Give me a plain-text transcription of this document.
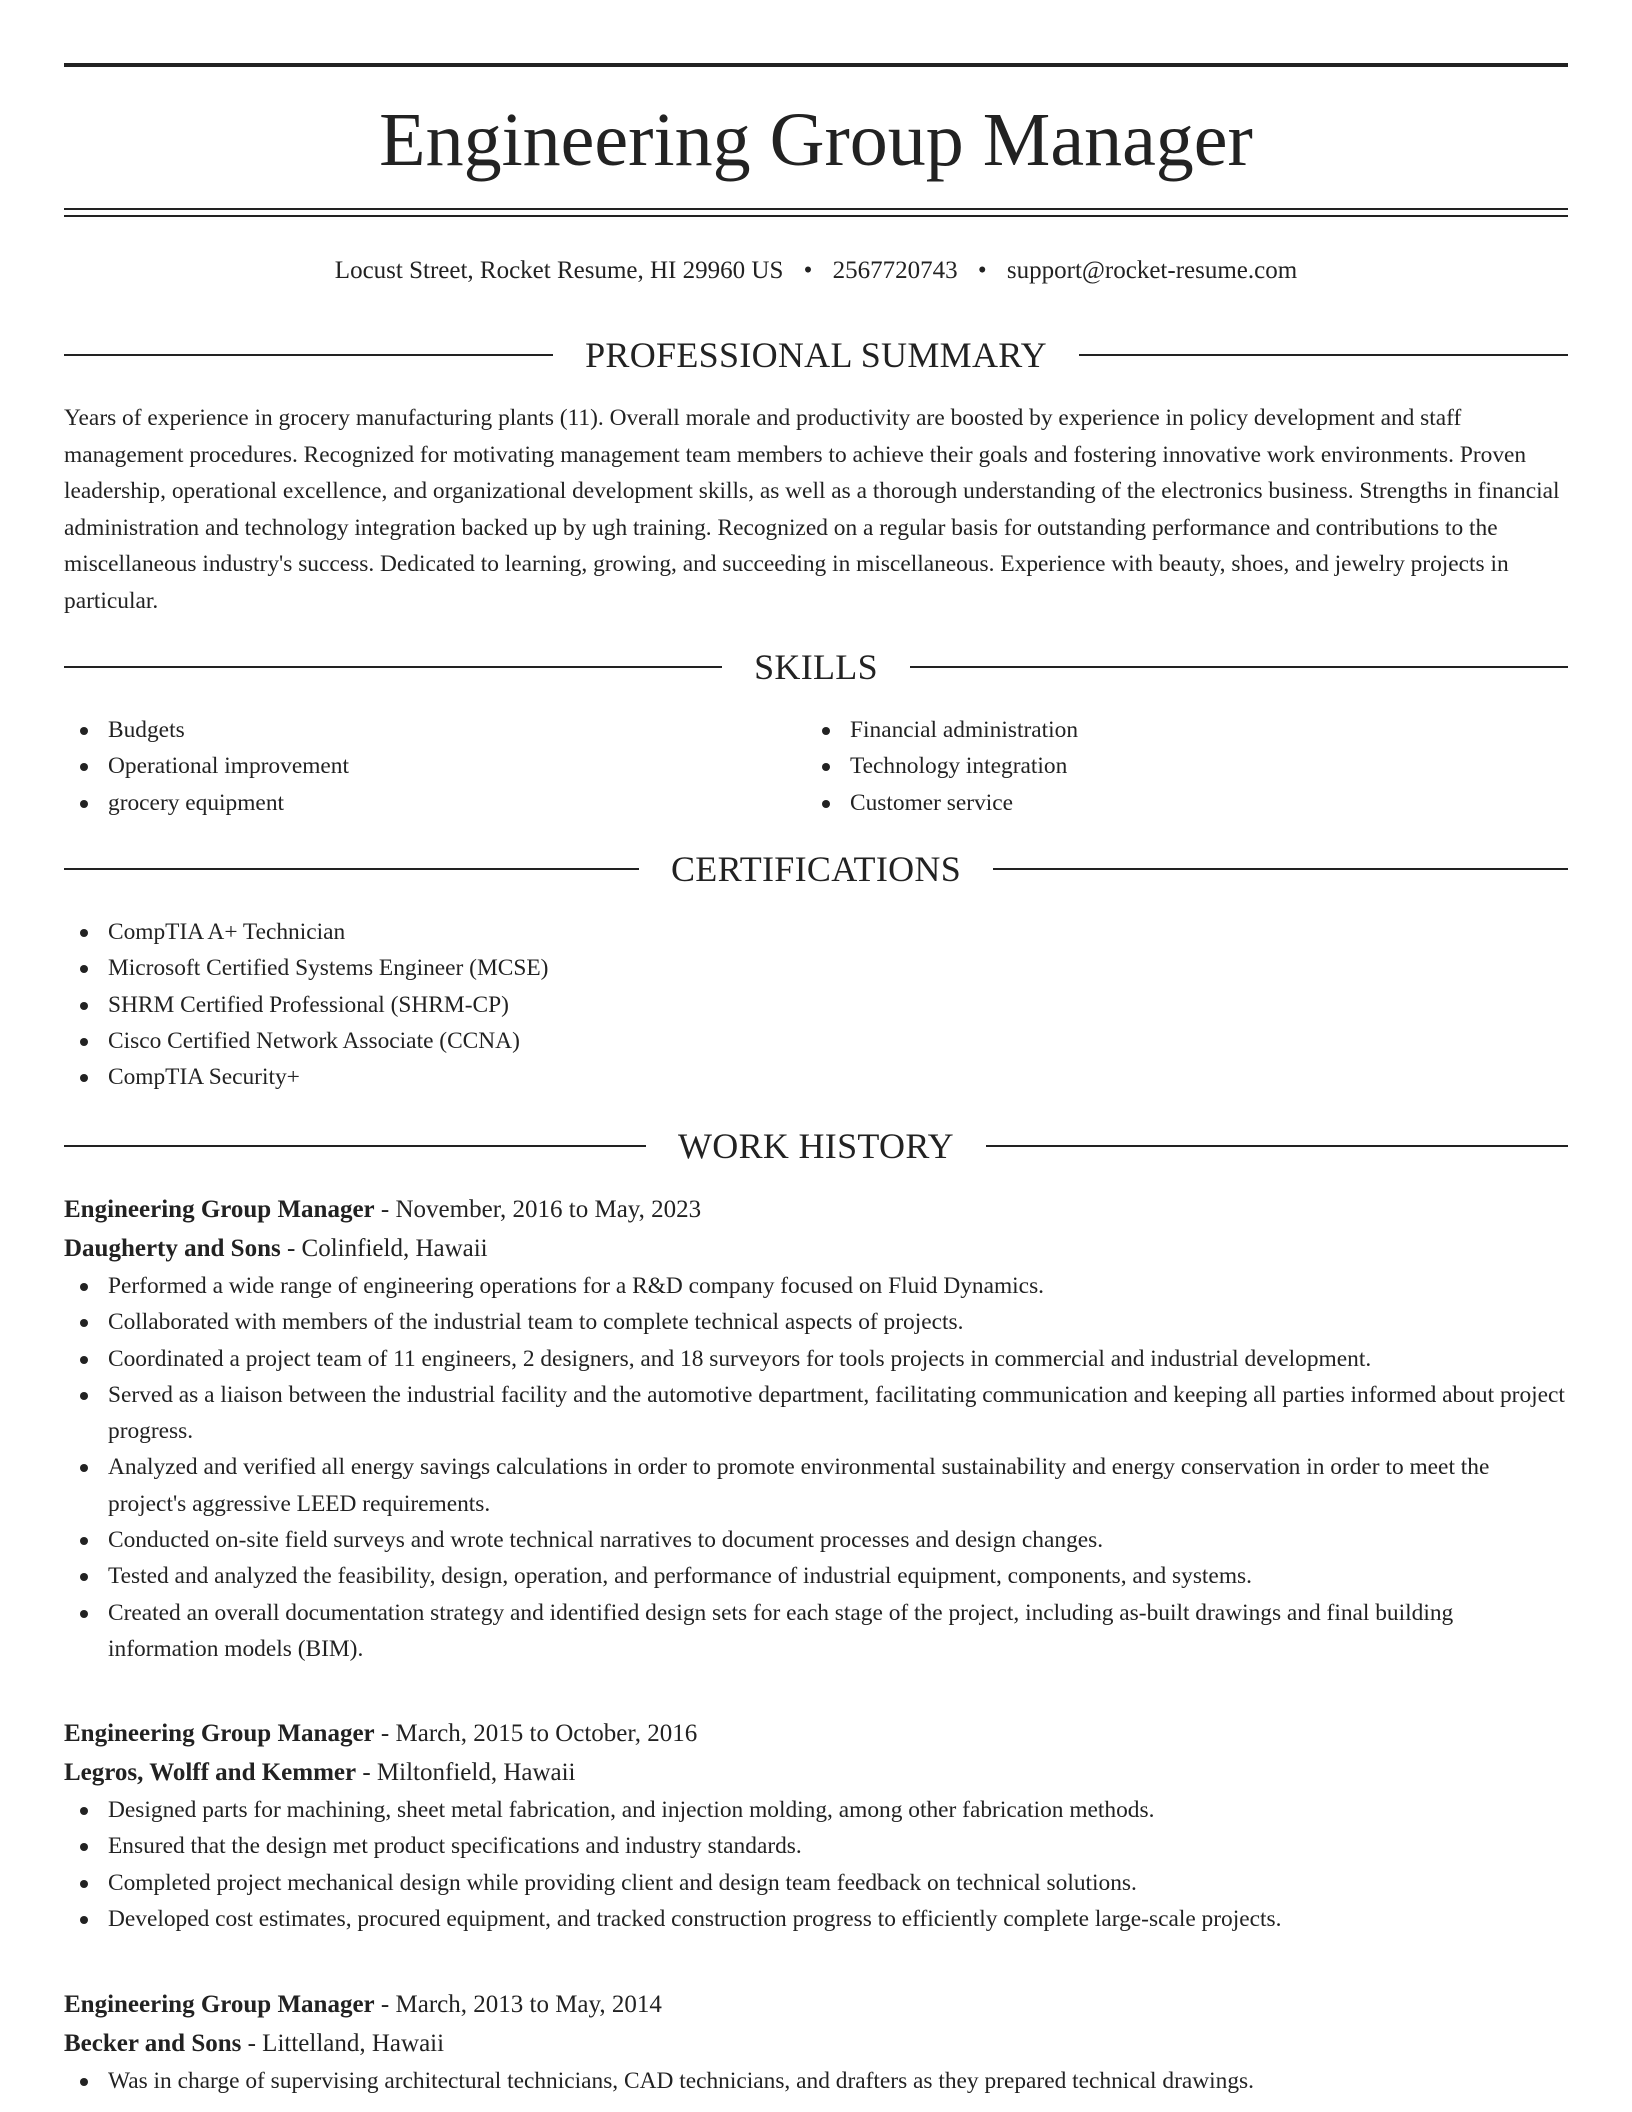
Engineering Group Manager
Locust Street, Rocket Resume, HI 29960 US • 2567720743 • support@rocket-resume.com
PROFESSIONAL SUMMARY

Years of experience in grocery manufacturing plants (11). Overall morale and productivity are boosted by experience in policy development and staff management procedures. Recognized for motivating management team members to achieve their goals and fostering innovative work environments. Proven leadership, operational excellence, and organizational development skills, as well as a thorough understanding of the electronics business. Strengths in financial administration and technology integration backed up by ugh training. Recognized on a regular basis for outstanding performance and contributions to the miscellaneous industry's success. Dedicated to learning, growing, and succeeding in miscellaneous. Experience with beauty, shoes, and jewelry projects in particular.

SKILLS
Budgets
Operational improvement
grocery equipment
Financial administration
Technology integration
Customer service
CERTIFICATIONS
CompTIA A+ Technician
Microsoft Certified Systems Engineer (MCSE)
SHRM Certified Professional (SHRM-CP)
Cisco Certified Network Associate (CCNA)
CompTIA Security+
WORK HISTORY
Engineering Group Manager - November, 2016 to May, 2023
Daugherty and Sons - Colinfield, Hawaii
Performed a wide range of engineering operations for a R&D company focused on Fluid Dynamics.
Collaborated with members of the industrial team to complete technical aspects of projects.
Coordinated a project team of 11 engineers, 2 designers, and 18 surveyors for tools projects in commercial and industrial development.
Served as a liaison between the industrial facility and the automotive department, facilitating communication and keeping all parties informed about project progress.
Analyzed and verified all energy savings calculations in order to promote environmental sustainability and energy conservation in order to meet the project's aggressive LEED requirements.
Conducted on-site field surveys and wrote technical narratives to document processes and design changes.
Tested and analyzed the feasibility, design, operation, and performance of industrial equipment, components, and systems.
Created an overall documentation strategy and identified design sets for each stage of the project, including as-built drawings and final building information models (BIM).
Engineering Group Manager - March, 2015 to October, 2016
Legros, Wolff and Kemmer - Miltonfield, Hawaii
Designed parts for machining, sheet metal fabrication, and injection molding, among other fabrication methods.
Ensured that the design met product specifications and industry standards.
Completed project mechanical design while providing client and design team feedback on technical solutions.
Developed cost estimates, procured equipment, and tracked construction progress to efficiently complete large-scale projects.
Engineering Group Manager - March, 2013 to May, 2014
Becker and Sons - Littelland, Hawaii
Was in charge of supervising architectural technicians, CAD technicians, and drafters as they prepared technical drawings.
